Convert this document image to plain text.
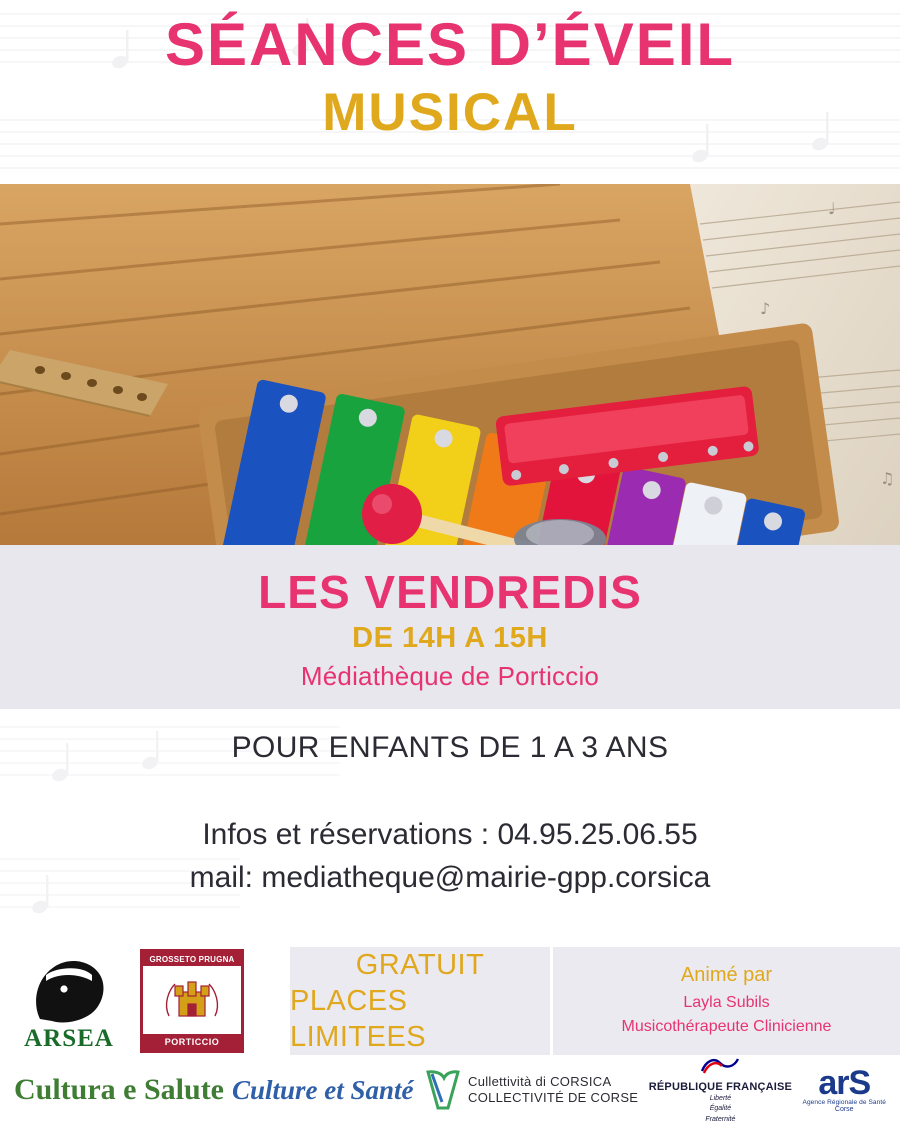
SÉANCES D’ÉVEIL
MUSICAL
♩
♪
♫
LES VENDREDIS
DE 14H A 15H
Médiathèque de Porticcio
POUR ENFANTS DE 1 A 3 ANS
Infos et réservations : 04.95.25.06.55
mail: mediatheque@mairie-gpp.corsica
ARSEA
GROSSETO PRUGNA
PORTICCIO
GRATUIT
PLACES LIMITEES
Animé par
Layla Subils
Musicothérapeute Clinicienne
Cultura e Salute Culture et Santé	Cullettività di CORSICA
COLLECTIVITÉ DE CORSE
RÉPUBLIQUE FRANÇAISE
Liberté
Égalité
Fraternité
arS
Agence Régionale de Santé
Corse
